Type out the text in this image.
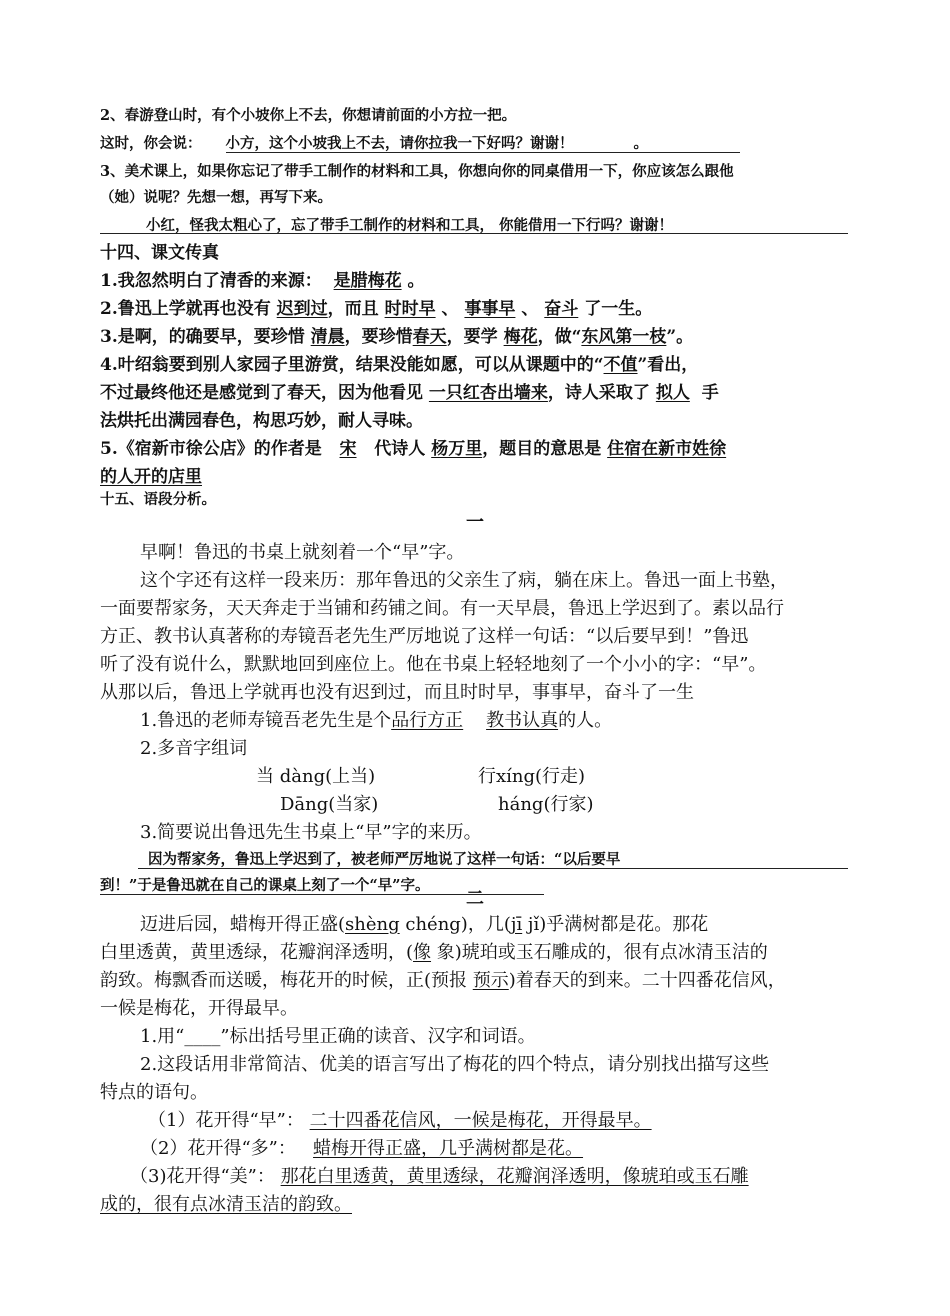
2、春游登山时，有个小坡你上不去，你想请前面的小方拉一把。
这时，你会说： 小方，这个小坡我上不去，请你拉我一下好吗？谢谢！	。
3、美术课上，如果你忘记了带手工制作的材料和工具，你想向你的同桌借用一下，你应该怎么跟他
（她）说呢？先想一想，再写下来。
小红，怪我太粗心了，忘了带手工制作的材料和工具， 你能借用一下行吗？谢谢！
十四、课文传真
1.我忽然明白了清香的来源： 是腊梅花 。
2.鲁迅上学就再也没有 迟到过，而且 时时早 、 事事早 、 奋斗 了一生。
3.是啊，的确要早，要珍惜 清晨，要珍惜春天，要学 梅花，做“东风第一枝”。
4.叶绍翁要到别人家园子里游赏，结果没能如愿，可以从课题中的“不值”看出，
不过最终他还是感觉到了春天，因为他看见 一只红杏出墙来，诗人采取了 拟人 手
法烘托出满园春色，构思巧妙，耐人寻味。
5.《宿新市徐公店》的作者是 宋 代诗人 杨万里，题目的意思是 住宿在新市姓徐
的人开的店里
十五、语段分析。
一
早啊！鲁迅的书桌上就刻着一个“早”字。
这个字还有这样一段来历：那年鲁迅的父亲生了病，躺在床上。鲁迅一面上书塾，
一面要帮家务，天天奔走于当铺和药铺之间。有一天早晨，鲁迅上学迟到了。素以品行
方正、教书认真著称的寿镜吾老先生严厉地说了这样一句话：“以后要早到！”鲁迅
听了没有说什么，默默地回到座位上。他在书桌上轻轻地刻了一个小小的字：“早”。
从那以后，鲁迅上学就再也没有迟到过，而且时时早，事事早，奋斗了一生
1.鲁迅的老师寿镜吾老先生是个品行方正 教书认真的人。
2.多音字组词
当 dàng(上当)	行xíng(行走)
Dāng(当家)	háng(行家)
3.简要说出鲁迅先生书桌上“早”字的来历。
因为帮家务，鲁迅上学迟到了，被老师严厉地说了这样一句话：“以后要早
到！”于是鲁迅就在自己的课桌上刻了一个“早”字。
二
迈进后园，蜡梅开得正盛(shèng chéng)，几(jī jǐ)乎满树都是花。那花
白里透黄，黄里透绿，花瓣润泽透明，(像 象)琥珀或玉石雕成的，很有点冰清玉洁的
韵致。梅飘香而送暖，梅花开的时候，正(预报 预示)着春天的到来。二十四番花信风，
一候是梅花，开得最早。
1.用“____”标出括号里正确的读音、汉字和词语。
2.这段话用非常简洁、优美的语言写出了梅花的四个特点，请分别找出描写这些
特点的语句。
（1）花开得“早”： 二十四番花信风，一候是梅花，开得最早。
（2）花开得“多”： 蜡梅开得正盛，几乎满树都是花。
（3)花开得“美”： 那花白里透黄，黄里透绿，花瓣润泽透明，像琥珀或玉石雕
成的，很有点冰清玉洁的韵致。
